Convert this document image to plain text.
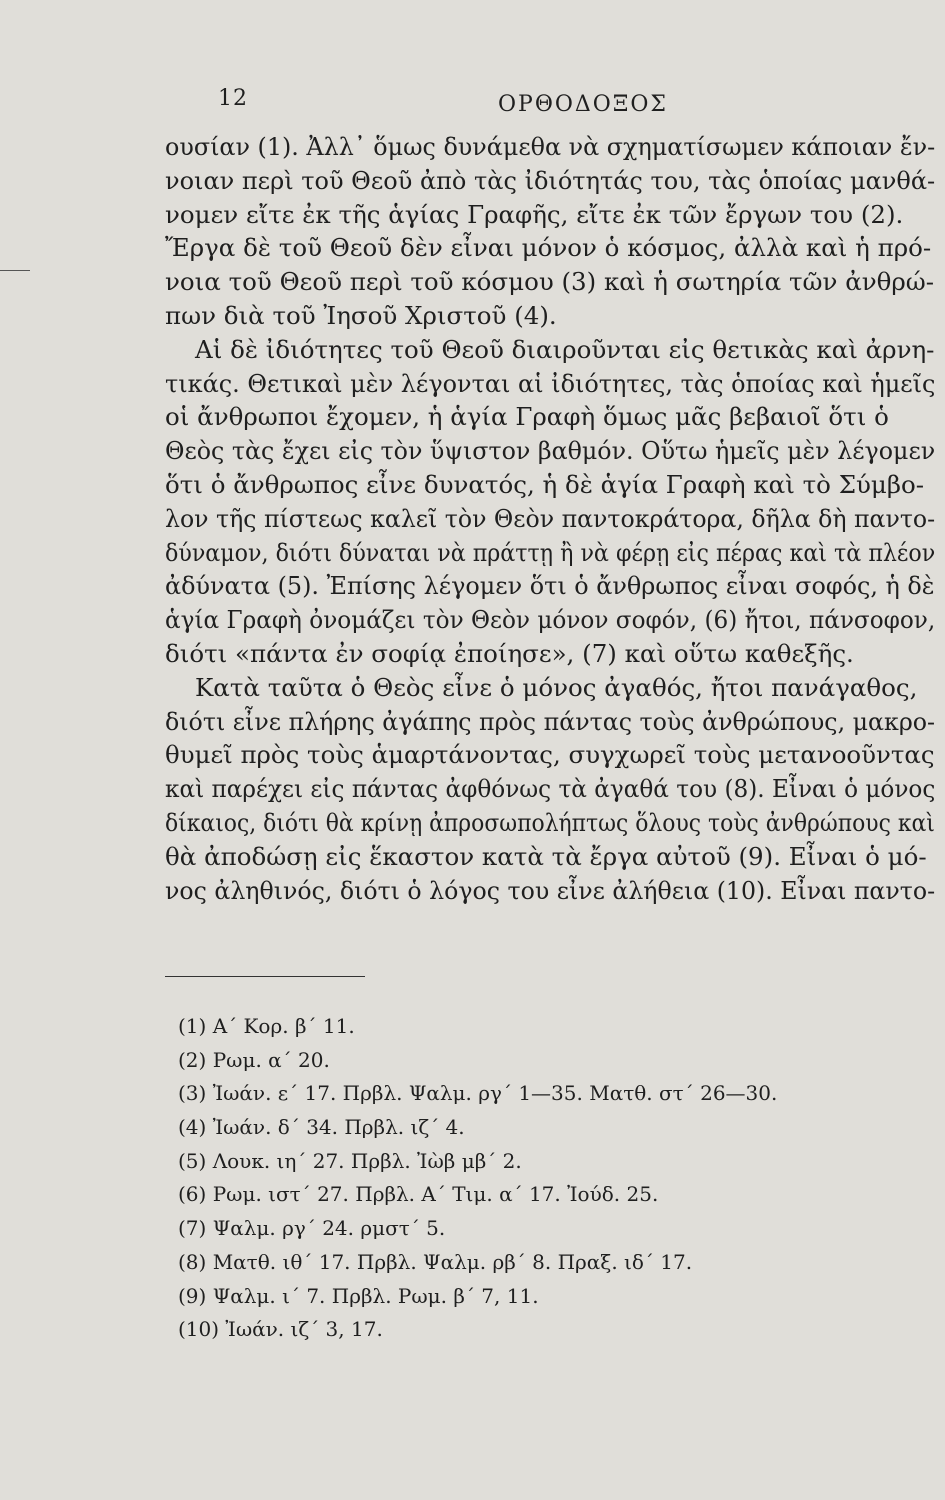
12	ΟΡΘΟΔΟΞΟΣ
ουσίαν (1). Ἀλλ᾽ ὅμως δυνάμεθα νὰ σχηματίσωμεν κάποιαν ἔν-
νοιαν περὶ τοῦ Θεοῦ ἀπὸ τὰς ἰδιότητάς του, τὰς ὁποίας μανθά-
νομεν εἴτε ἐκ τῆς ἁγίας Γραφῆς, εἴτε ἐκ τῶν ἔργων του (2).
Ἔργα δὲ τοῦ Θεοῦ δὲν εἶναι μόνον ὁ κόσμος, ἀλλὰ καὶ ἡ πρό-
νοια τοῦ Θεοῦ περὶ τοῦ κόσμου (3) καὶ ἡ σωτηρία τῶν ἀνθρώ-
πων διὰ τοῦ Ἰησοῦ Χριστοῦ (4).
Αἱ δὲ ἰδιότητες τοῦ Θεοῦ διαιροῦνται εἰς θετικὰς καὶ ἀρνη-
τικάς. Θετικαὶ μὲν λέγονται αἱ ἰδιότητες, τὰς ὁποίας καὶ ἡμεῖς
οἱ ἄνθρωποι ἔχομεν, ἡ ἁγία Γραφὴ ὅμως μᾶς βεβαιοῖ ὅτι ὁ
Θεὸς τὰς ἔχει εἰς τὸν ὕψιστον βαθμόν. Οὕτω ἡμεῖς μὲν λέγομεν
ὅτι ὁ ἄνθρωπος εἶνε δυνατός, ἡ δὲ ἁγία Γραφὴ καὶ τὸ Σύμβο-
λον τῆς πίστεως καλεῖ τὸν Θεὸν παντοκράτορα, δῆλα δὴ παντο-
δύναμον, διότι δύναται νὰ πράττῃ ἢ νὰ φέρῃ εἰς πέρας καὶ τὰ πλέον
ἀδύνατα (5). Ἐπίσης λέγομεν ὅτι ὁ ἄνθρωπος εἶναι σοφός, ἡ δὲ
ἁγία Γραφὴ ὀνομάζει τὸν Θεὸν μόνον σοφόν, (6) ἤτοι, πάνσοφον,
διότι «πάντα ἐν σοφίᾳ ἐποίησε», (7) καὶ οὕτω καθεξῆς.
Κατὰ ταῦτα ὁ Θεὸς εἶνε ὁ μόνος ἀγαθός, ἤτοι πανάγαθος,
διότι εἶνε πλήρης ἀγάπης πρὸς πάντας τοὺς ἀνθρώπους, μακρο-
θυμεῖ πρὸς τοὺς ἁμαρτάνοντας, συγχωρεῖ τοὺς μετανοοῦντας
καὶ παρέχει εἰς πάντας ἀφθόνως τὰ ἀγαθά του (8). Εἶναι ὁ μόνος
δίκαιος, διότι θὰ κρίνῃ ἀπροσωπολήπτως ὅλους τοὺς ἀνθρώπους καὶ
θὰ ἀποδώσῃ εἰς ἕκαστον κατὰ τὰ ἔργα αὐτοῦ (9). Εἶναι ὁ μό-
νος ἀληθινός, διότι ὁ λόγος του εἶνε ἀλήθεια (10). Εἶναι παντο-
(1) Α΄ Κορ. β΄ 11.
(2) Ρωμ. α΄ 20.
(3) Ἰωάν. ε΄ 17. Πρβλ. Ψαλμ. ργ΄ 1—35. Ματθ. στ΄ 26—30.
(4) Ἰωάν. δ΄ 34. Πρβλ. ιζ΄ 4.
(5) Λουκ. ιη΄ 27. Πρβλ. Ἰὼβ μβ΄ 2.
(6) Ρωμ. ιστ΄ 27. Πρβλ. Α΄ Τιμ. α΄ 17. Ἰούδ. 25.
(7) Ψαλμ. ργ΄ 24. ρμστ΄ 5.
(8) Ματθ. ιθ΄ 17. Πρβλ. Ψαλμ. ρβ΄ 8. Πραξ. ιδ΄ 17.
(9) Ψαλμ. ι΄ 7. Πρβλ. Ρωμ. β΄ 7, 11.
(10) Ἰωάν. ιζ΄ 3, 17.
